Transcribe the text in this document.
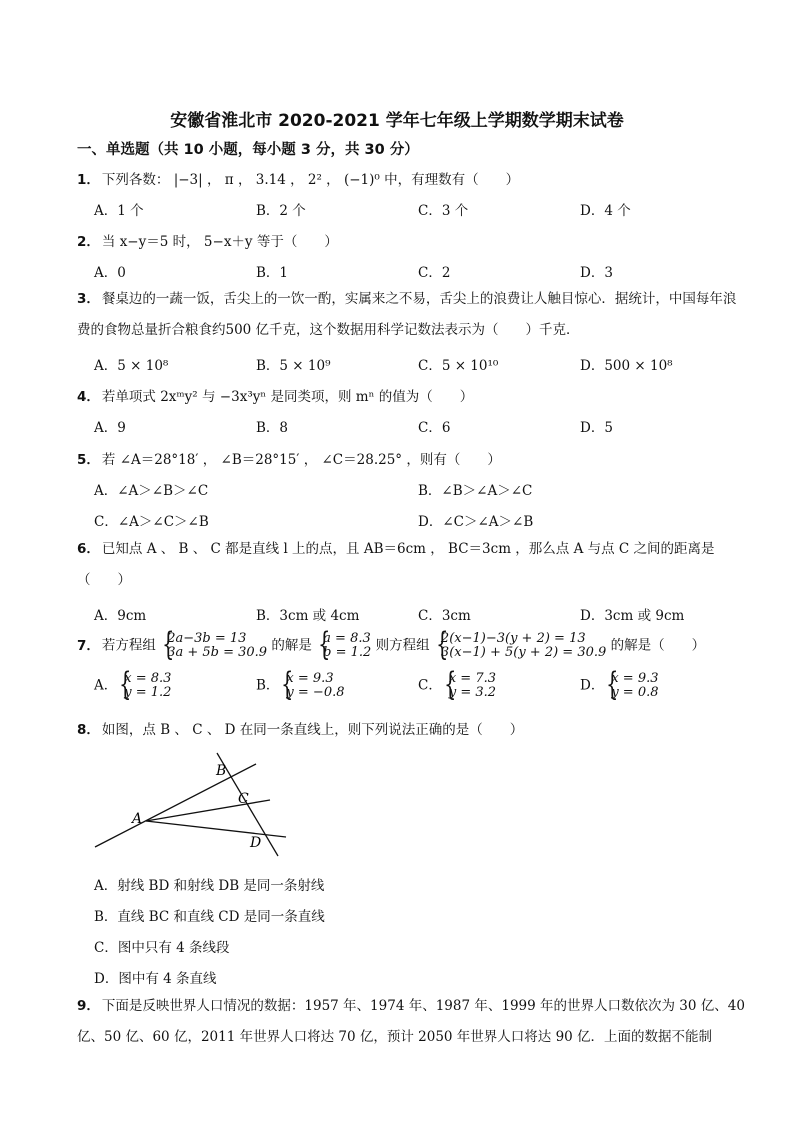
安徽省淮北市 2020-2021 学年七年级上学期数学期末试卷
一、单选题（共 10 小题，每小题 3 分，共 30 分）
1． 下列各数： |−3| ， π ， 3.14 ， 2² ， (−1)⁰ 中，有理数有（　　）
A．1 个	B．2 个	C．3 个	D．4 个
2． 当 x−y＝5 时， 5−x＋y 等于（　　）
A．0	B．1	C．2	D．3
3． 餐桌边的一蔬一饭，舌尖上的一饮一酌，实属来之不易，舌尖上的浪费让人触目惊心．据统计，中国每年浪费的食物总量折合粮食约500 亿千克，这个数据用科学记数法表示为（　　）千克．
A．5 × 10⁸	B．5 × 10⁹	C．5 × 10¹⁰	D．500 × 10⁸
4． 若单项式 2xᵐy² 与 −3x³yⁿ 是同类项，则 mⁿ 的值为（　　）
A．9	B．8	C．6	D．5
5． 若 ∠A＝28°18′ ， ∠B＝28°15′ ， ∠C＝28.25° ，则有（　　）
A．∠A＞∠B＞∠C	B．∠B＞∠A＞∠C
C．∠A＞∠C＞∠B	D．∠C＞∠A＞∠B
6． 已知点 A 、 B 、 C 都是直线 l 上的点，且 AB＝6cm ， BC＝3cm ，那么点 A 与点 C 之间的距离是（　　）
A．9cm	B．3cm 或 4cm	C．3cm	D．3cm 或 9cm
7． 若方程组 { 2a−3b = 13
3a + 5b = 30.9 的解是 { a = 8.3
b = 1.2 则方程组 { 2(x−1)−3(y + 2) = 13
3(x−1) + 5(y + 2) = 30.9 的解是（　　）
A． { x = 8.3
y = 1.2	B． { x = 9.3
y = −0.8	C． { x = 7.3
y = 3.2	D． { x = 9.3
y = 0.8
8． 如图，点 B 、 C 、 D 在同一条直线上，则下列说法正确的是（　　）
A
B
C
D
A．射线 BD 和射线 DB 是同一条射线
B．直线 BC 和直线 CD 是同一条直线
C．图中只有 4 条线段
D．图中有 4 条直线
9． 下面是反映世界人口情况的数据：1957 年、1974 年、1987 年、1999 年的世界人口数依次为 30 亿、40 亿、50 亿、60 亿，2011 年世界人口将达 70 亿，预计 2050 年世界人口将达 90 亿．上面的数据不能制
